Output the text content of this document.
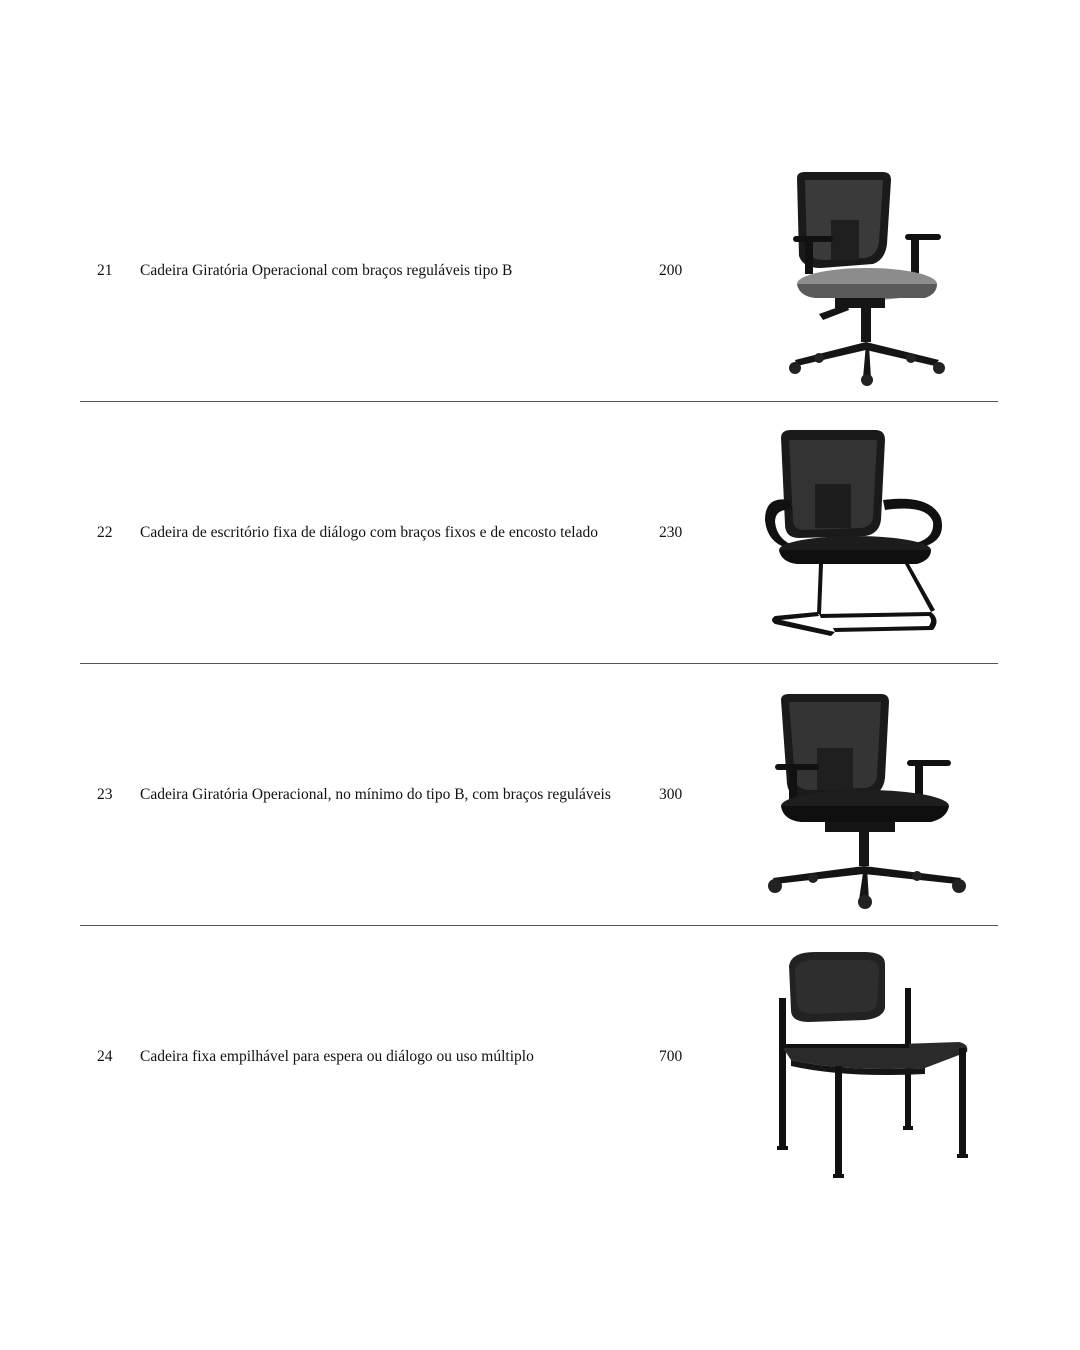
21 Cadeira Giratória Operacional com braços reguláveis tipo B	200
22 Cadeira de escritório fixa de diálogo com braços fixos e de encosto telado	230
23 Cadeira Giratória Operacional, no mínimo do tipo B, com braços reguláveis	300
24 Cadeira fixa empilhável para espera ou diálogo ou uso múltiplo	700
